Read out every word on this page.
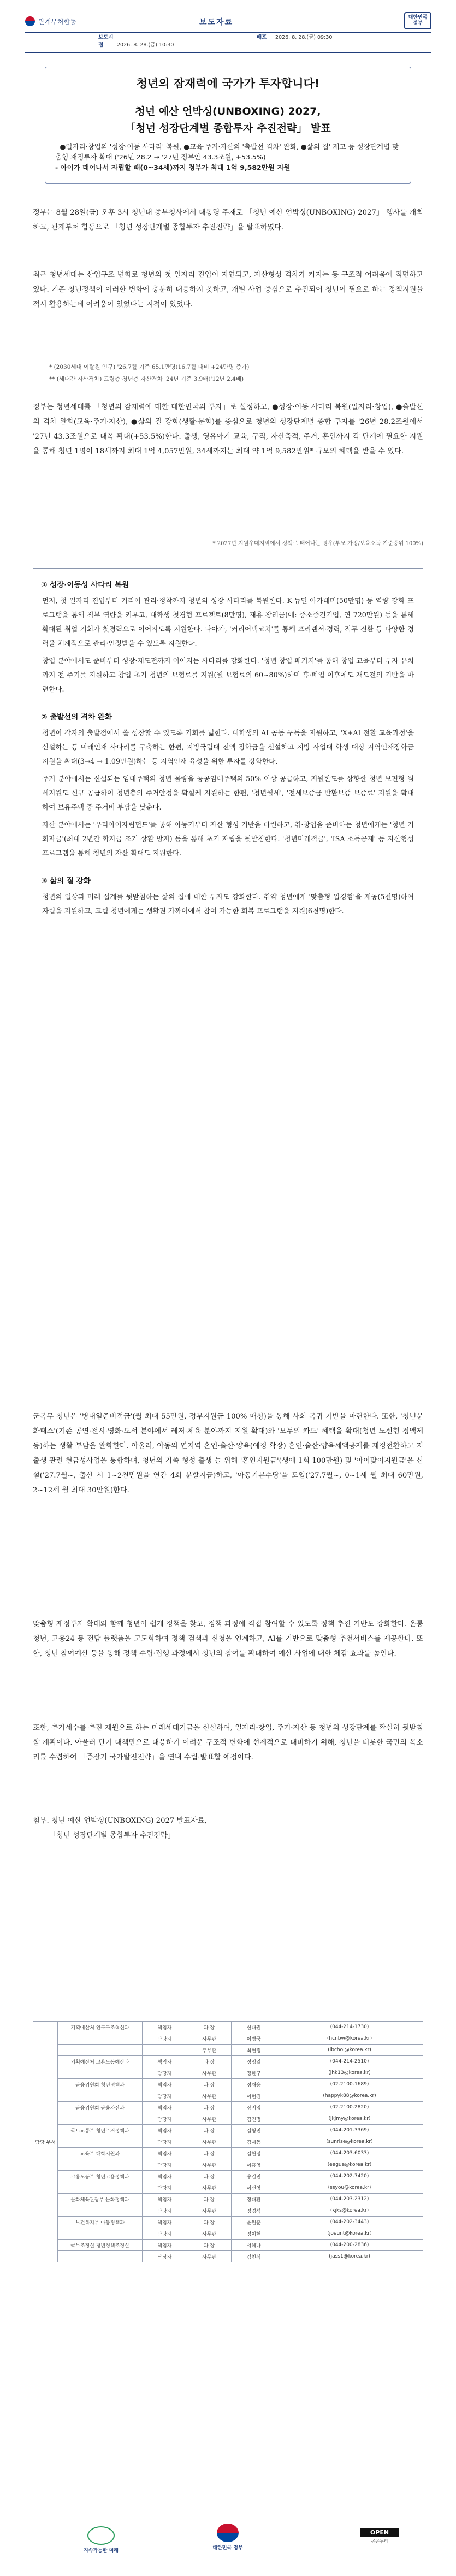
관계부처합동	보도자료
대한민국
정부
보도시점	2026. 8. 28.(금) 10:30
배포 2026. 8. 28.(금) 09:30
청년의 잠재력에 국가가 투자합니다!
청년 예산 언박싱(UNBOXING) 2027,
「청년 성장단계별 종합투자 추진전략」 발표
- ●일자리·창업의 '성장·이동 사다리' 복원, ●교육·주거·자산의 '출발선 격차' 완화, ●삶의 질' 제고 등 성장단계별 맞춤형 재정투자 확대 ('26년 28.2 → '27년 정부안 43.3조원, +53.5%)
- 아이가 태어나서 자립할 때(0~34세)까지 정부가 최대 1억 9,582만원 지원
정부는 8월 28일(금) 오후 3시 청년대 종부청사에서 대통령 주재로 「청년 예산 언박싱(UNBOXING) 2027」 행사를 개최하고, 관계부처 합동으로 「청년 성장단계별 종합투자 추진전략」을 발표하였다.
최근 청년세대는 산업구조 변화로 청년의 첫 일자리 진입이 지연되고, 자산형성 격차가 커지는 등 구조적 어려움에 직면하고 있다. 기존 청년정책이 이러한 변화에 충분히 대응하지 못하고, 개별 사업 중심으로 추진되어 청년이 필요로 하는 정책지원을 적시 활용하는데 어려움이 있었다는 지적이 있었다.
* (2030세대 이탈원 인구) '26.7월 기준 65.1만명(16.7월 대비 +24만명 증가)
** (세대간 자산격차) 고령층·청년층 자산격차 '24년 기준 3.9배('12년 2.4배)
정부는 청년세대를 「청년의 잠재력에 대한 대한민국의 투자」로 설정하고, ●성장·이동 사다리 복원(일자리·창업), ●출발선의 격차 완화(교육·주거·자산), ●삶의 질 강화(생활·문화)를 중심으로 청년의 성장단계별 종합 투자를 '26년 28.2조원에서 '27년 43.3조원으로 대폭 확대(+53.5%)한다. 출생, 영유아기 교육, 구직, 자산축적, 주거, 혼인까지 각 단계에 필요한 지원을 통해 청년 1명이 18세까지 최대 1억 4,057만원, 34세까지는 최대 약 1억 9,582만원* 규모의 혜택을 받을 수 있다.
* 2027년 지원우대지역에서 정책로 태어나는 경우(부모 가정/보육소득 기준중위 100%)
① 성장·이동성 사다리 복원
먼저, 첫 일자리 진입부터 커리어 관리·정착까지 청년의 성장 사다리를 복원한다. K-뉴딜 아카데미(50만명) 등 역량 강화 프로그램을 통해 직무 역량을 키우고, 대학생 첫경험 프로젝트(8만명), 재용 장려금(예: 중소중견기업, 연 720만원) 등을 통해 확대된 취업 기회가 첫경력으로 이어지도록 지원한다. 나아가, '커리어맥코치'를 통해 프리랜서·경력, 직무 전환 등 다양한 경력을 체계적으로 관리·인정받을 수 있도록 지원한다.
창업 분야에서도 준비부터 성장·재도전까지 이어지는 사다리를 강화한다. '청년 창업 패키지'를 통해 창업 교육부터 투자 유치까지 전 주기를 지원하고 창업 초기 청년의 보험료를 지원(월 보험료의 60~80%)하며 휴·폐업 이후에도 재도전의 기반을 마련한다.
② 출발선의 격차 완화
청년이 각자의 출발점에서 쓸 성장할 수 있도록 기회를 넓힌다. 대학생의 AI 공동 구독을 지원하고, 'X+AI 전환 교육과정'을 신설하는 등 미래인재 사다리를 구축하는 한편, 지방국립대 전액 장학금을 신설하고 지방 사업대 학생 대상 지역인재장학금 지원을 확대(3→4 → 1.09만원)하는 등 지역인재 육성을 위한 투자를 강화한다.
주거 분야에서는 신설되는 임대주택의 청년 물량을 공공임대주택의 50% 이상 공급하고, 지원한도를 상향한 청년 보편형 월세지원도 신규 공급하여 청년층의 주거안정을 확실케 지원하는 한편, '청년월세', '전세보증금 반환보증 보증료' 지원을 확대하여 보유주택 중 주거비 부담을 낮춘다.
자산 분야에서는 '우리아이자립펀드'를 통해 아동기부터 자산 형성 기반을 마련하고, 취·창업을 준비하는 청년에게는 '청년 기회자금'(최대 2년간 학자금 조기 상환 방지) 등을 통해 초기 자립을 뒷받침한다. '청년미래적금', 'ISA 소득공제' 등 자산형성 프로그램을 통해 청년의 자산 확대도 지원한다.
③ 삶의 질 강화
청년의 일상과 미래 설계를 뒷받침하는 삶의 질에 대한 투자도 강화한다. 취약 청년에게 '맞춤형 일경험'을 제공(5천명)하여 자립을 지원하고, 고립 청년에게는 생활권 가까이에서 참여 가능한 회복 프로그램을 지원(6천명)한다.
군복무 청년은 '병내일준비적금'(월 최대 55만원, 정부지원금 100% 매칭)을 통해 사회 복귀 기반을 마련한다. 또한, '청년문화패스'(기존 공연·전시·영화·도서 분야에서 레저·체육 분야까지 지원 확대)와 '모두의 카드' 혜택을 확대(청년 노선형 정액제 등)하는 생활 부담을 완화한다. 아울러, 아동의 연지역 혼인·출산·양육(예정 확장) 혼인·출산·양육세액공제를 재정전환하고 저출생 관련 현금성사업을 통합하며, 청년의 가족 형성 출생 늘 위해 '혼인지원금'(생애 1회 100만원) 및 '아이맞이지원금'을 신설('27.7월~, 출산 시 1~2천만원을 연간 4회 분할지급)하고, '아동기본수당'을 도입('27.7월~, 0~1세 월 최대 60만원, 2~12세 월 최대 30만원)한다.
맞춤형 재정투자 확대와 함께 청년이 쉽게 정책을 찾고, 정책 과정에 직접 참여할 수 있도록 정책 추진 기반도 강화한다. 온통청년, 고용24 등 전담 플랫폼을 고도화하여 정책 검색과 신청을 연계하고, AI를 기반으로 맞춤형 추천서비스를 제공한다. 또한, 청년 참여예산 등을 통해 정책 수립·집행 과정에서 청년의 참여를 확대하여 예산 사업에 대한 체감 효과를 높인다.
또한, 추가세수를 추진 재원으로 하는 미래세대기금을 신설하여, 일자리·창업, 주거·자산 등 청년의 성장단계를 확실히 뒷받침할 계획이다. 아울러 단기 대책만으로 대응하기 어려운 구조적 변화에 선제적으로 대비하기 위해, 청년을 비롯한 국민의 목소리를 수렴하여 「중장기 국가발전전략」을 연내 수립·발표할 예정이다.
첨부. 청년 예산 언박싱(UNBOXING) 2027 발표자료,
「청년 성장단계별 종합투자 추진전략」
담당 부서	기획예산처 인구구조혁신과	책임자	과 장	신대권	(044-214-1730)
		담당자	사무관	이병국	(hcnbw@korea.kr)
			주무관	최현정	(lbchoi@korea.kr)
	기획예산처 고용노동예산과	책임자	과 장	정영일	(044-214-2510)
		담당자	사무관	정한구	(jhk13@korea.kr)
	금융위원회 청년정책과	책임자	과 장	정재웅	(02-2100-1689)
		담당자	사무관	이현진	(happyk88@korea.kr)
	금융위원회 금융자산과	책임자	과 장	장지영	(02-2100-2820)
		담당자	사무관	김진명	(jkjmy@korea.kr)
	국토교통부 청년주거정책과	책임자	과 장	김형민	(044-201-3369)
		담당자	사무관	김재동	(sunrise@korea.kr)
	교육부 대학지원과	책임자	과 장	김현정	(044-203-6033)
		담당자	사무관	이홍영	(eegue@korea.kr)
	고용노동부 청년고용정책과	책임자	과 장	송길진	(044-202-7420)
		담당자	사무관	이선영	(ssyou@korea.kr)
	문화체육관광부 문화정책과	책임자	과 장	정대환	(044-203-2312)
		담당자	사무관	정경석	(kjks@korea.kr)
	보건복지부 아동정책과	책임자	과 장	윤원준	(044-202-3443)
		담당자	사무관	정이현	(joeunt@korea.kr)
	국무조정실 청년정책조정실	책임자	과 장	서혜나	(044-200-2836)
		담당자	사무관	김천식	(jass1@korea.kr)
지속가능한 미래	대한민국 정부
OPEN
공공누리
